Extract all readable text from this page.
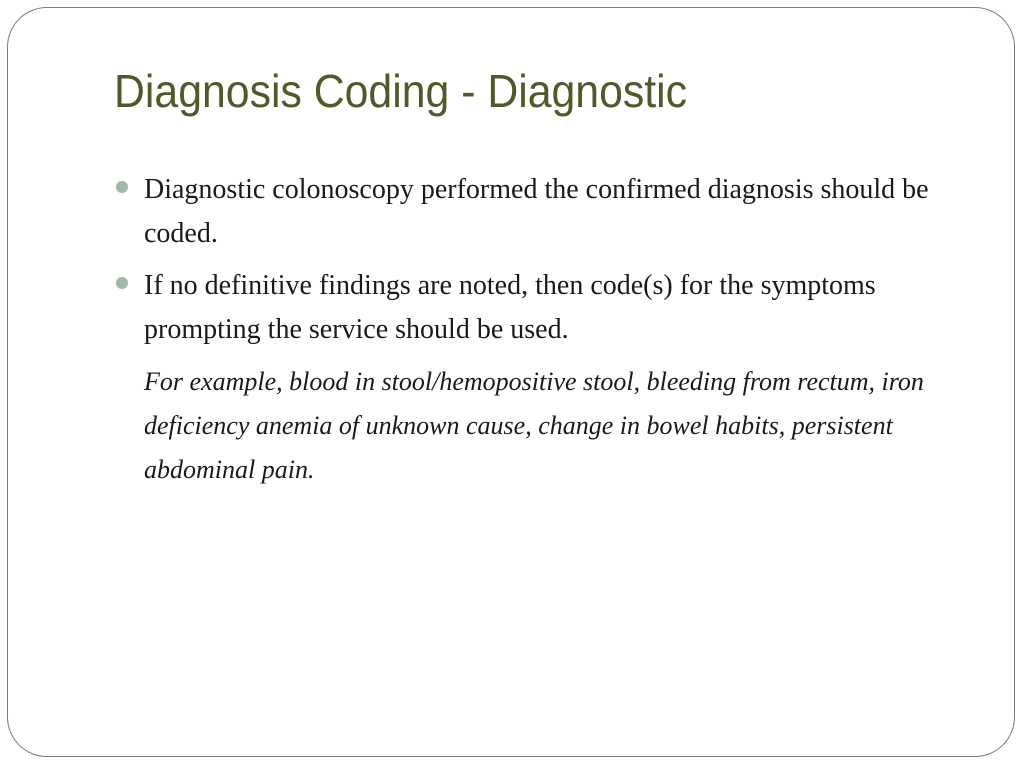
Diagnosis Coding - Diagnostic
Diagnostic colonoscopy performed the confirmed diagnosis should be coded.
If no definitive findings are noted, then code(s) for the symptoms prompting the service should be used.
For example, blood in stool/hemopositive stool, bleeding from rectum, iron deficiency anemia of unknown cause, change in bowel habits, persistent abdominal pain.
